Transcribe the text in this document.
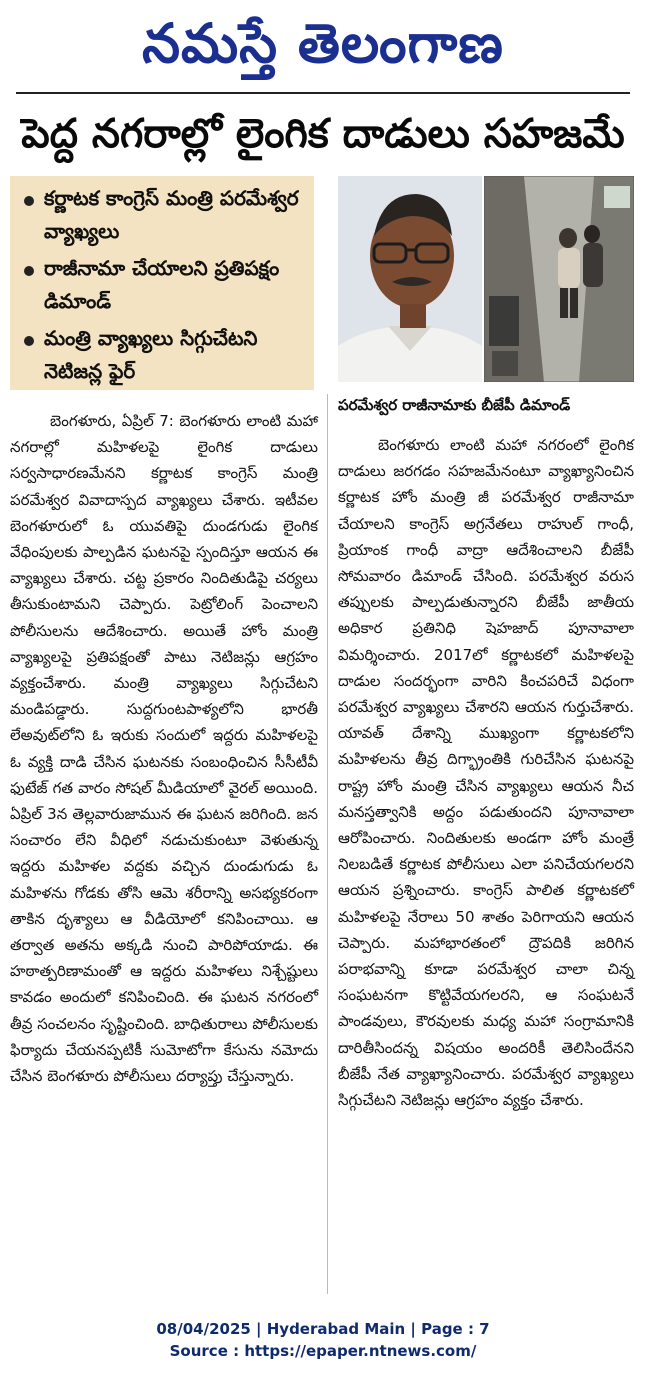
నమస్తే తెలంగాణ
పెద్ద నగరాల్లో లైంగిక దాడులు సహజమే
కర్ణాటక కాంగ్రెస్ మంత్రి పరమేశ్వర వ్యాఖ్యలు
రాజీనామా చేయాలని ప్రతిపక్షం డిమాండ్
మంత్రి వ్యాఖ్యలు సిగ్గుచేటని నెటిజన్ల ఫైర్
పరమేశ్వర రాజీనామాకు బీజేపీ డిమాండ్

బెంగళూరు, ఏప్రిల్ 7: బెంగళూరు లాంటి మహా నగరాల్లో మహిళలపై లైంగిక దాడులు సర్వసాధారణమేనని కర్ణాటక కాంగ్రెస్ మంత్రి పరమేశ్వర వివాదాస్పద వ్యాఖ్యలు చేశారు. ఇటీవల బెంగళూరులో ఓ యువతిపై దుండగుడు లైంగిక వేధింపులకు పాల్పడిన ఘటనపై స్పందిస్తూ ఆయన ఈ వ్యాఖ్యలు చేశారు. చట్ట ప్రకారం నిందితుడిపై చర్యలు తీసుకుంటామని చెప్పారు. పెట్రోలింగ్ పెంచాలని పోలీసులను ఆదేశించారు. అయితే హోం మంత్రి వ్యాఖ్యలపై ప్రతిపక్షంతో పాటు నెటిజన్లు ఆగ్రహం వ్యక్తంచేశారు. మంత్రి వ్యాఖ్యలు సిగ్గుచేటని మండిపడ్డారు. సుద్దగుంటపాళ్యలోని భారతీ లేఅవుట్‌లోని ఓ ఇరుకు సందులో ఇద్దరు మహిళలపై ఓ వ్యక్తి దాడి చేసిన ఘటనకు సంబంధించిన సీసీటీవీ ఫుటేజ్ గత వారం సోషల్ మీడియాలో వైరల్ అయింది. ఏప్రిల్ 3న తెల్లవారుజామున ఈ ఘటన జరిగింది. జన సంచారం లేని వీధిలో నడుచుకుంటూ వెళుతున్న ఇద్దరు మహిళల వద్దకు వచ్చిన దుండుగుడు ఓ మహిళను గోడకు తోసి ఆమె శరీరాన్ని అసభ్యకరంగా తాకిన దృశ్యాలు ఆ వీడియోలో కనిపించాయి. ఆ తర్వాత అతను అక్కడి నుంచి పారిపోయాడు. ఈ హఠాత్పరిణామంతో ఆ ఇద్దరు మహిళలు నిశ్చేష్టులు కావడం అందులో కనిపించింది. ఈ ఘటన నగరంలో తీవ్ర సంచలనం సృష్టించింది. బాధితురాలు పోలీసులకు ఫిర్యాదు చేయనప్పటికీ సుమోటోగా కేసును నమోదు చేసిన బెంగళూరు పోలీసులు దర్యాప్తు చేస్తున్నారు.

బెంగళూరు లాంటి మహా నగరంలో లైంగిక దాడులు జరగడం సహజమేనంటూ వ్యాఖ్యానించిన కర్ణాటక హోం మంత్రి జీ పరమేశ్వర రాజీనామా చేయాలని కాంగ్రెస్ అగ్రనేతలు రాహుల్ గాంధీ, ప్రియాంక గాంధీ వాద్రా ఆదేశించాలని బీజేపీ సోమవారం డిమాండ్ చేసింది. పరమేశ్వర వరుస తప్పులకు పాల్పడుతున్నారని బీజేపీ జాతీయ అధికార ప్రతినిధి షెహజాద్ పూనావాలా విమర్శించారు. 2017లో కర్ణాటకలో మహిళలపై దాడుల సందర్భంగా వారిని కించపరిచే విధంగా పరమేశ్వర వ్యాఖ్యలు చేశారని ఆయన గుర్తుచేశారు. యావత్ దేశాన్ని ముఖ్యంగా కర్ణాటకలోని మహిళలను తీవ్ర దిగ్భ్రాంతికి గురిచేసిన ఘటనపై రాష్ట్ర హోం మంత్రి చేసిన వ్యాఖ్యలు ఆయన నీచ మనస్తత్వానికి అద్దం పడుతుందని పూనావాలా ఆరోపించారు. నిందితులకు అండగా హోం మంత్రే నిలబడితే కర్ణాటక పోలీసులు ఎలా పనిచేయగలరని ఆయన ప్రశ్నించారు. కాంగ్రెస్ పాలిత కర్ణాటకలో మహిళలపై నేరాలు 50 శాతం పెరిగాయని ఆయన చెప్పారు. మహాభారతంలో ద్రౌపదికి జరిగిన పరాభవాన్ని కూడా పరమేశ్వర చాలా చిన్న సంఘటనగా కొట్టివేయగలరని, ఆ సంఘటనే పాండవులు, కౌరవులకు మధ్య మహా సంగ్రామానికి దారితీసిందన్న విషయం అందరికీ తెలిసిందేనని బీజేపీ నేత వ్యాఖ్యానించారు. పరమేశ్వర వ్యాఖ్యలు సిగ్గుచేటని నెటిజన్లు ఆగ్రహం వ్యక్తం చేశారు.

08/04/2025 | Hyderabad Main | Page : 7
Source : https://epaper.ntnews.com/
